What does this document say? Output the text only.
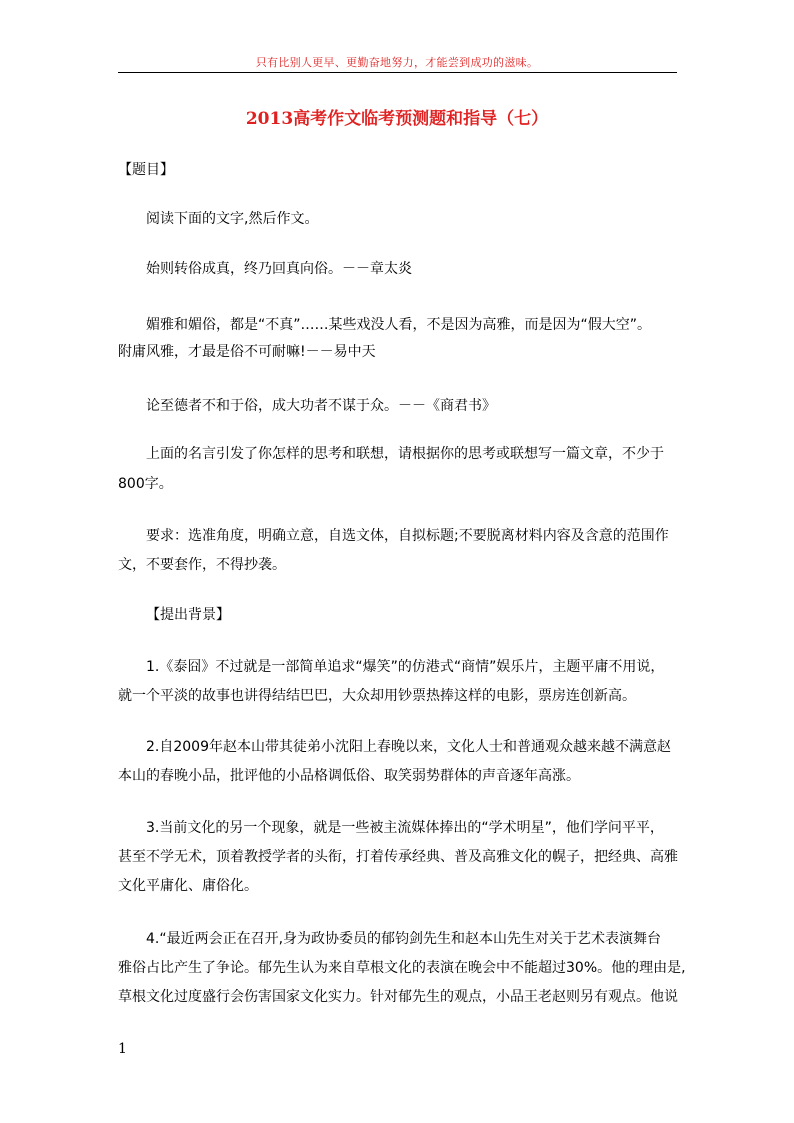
只有比别人更早、更勤奋地努力，才能尝到成功的滋味。
2013高考作文临考预测题和指导（七）
【题目】
阅读下面的文字,然后作文。
始则转俗成真，终乃回真向俗。－－章太炎
媚雅和媚俗，都是“不真”……某些戏没人看，不是因为高雅，而是因为“假大空”。
附庸风雅，才最是俗不可耐嘛!－－易中天
论至德者不和于俗，成大功者不谋于众。－－《商君书》
上面的名言引发了你怎样的思考和联想，请根据你的思考或联想写一篇文章，不少于
800字。
要求：选准角度，明确立意，自选文体，自拟标题;不要脱离材料内容及含意的范围作
文，不要套作，不得抄袭。
【提出背景】
1.《泰囧》不过就是一部简单追求“爆笑”的仿港式“商情”娱乐片，主题平庸不用说，
就一个平淡的故事也讲得结结巴巴，大众却用钞票热捧这样的电影，票房连创新高。
2.自2009年赵本山带其徒弟小沈阳上春晚以来，文化人士和普通观众越来越不满意赵
本山的春晚小品，批评他的小品格调低俗、取笑弱势群体的声音逐年高涨。
3.当前文化的另一个现象，就是一些被主流媒体捧出的“学术明星”，他们学问平平，
甚至不学无术，顶着教授学者的头衔，打着传承经典、普及高雅文化的幌子，把经典、高雅
文化平庸化、庸俗化。
4.“最近两会正在召开,身为政协委员的郁钧剑先生和赵本山先生对关于艺术表演舞台
雅俗占比产生了争论。郁先生认为来自草根文化的表演在晚会中不能超过30%。他的理由是,
草根文化过度盛行会伤害国家文化实力。针对郁先生的观点，小品王老赵则另有观点。他说
1
